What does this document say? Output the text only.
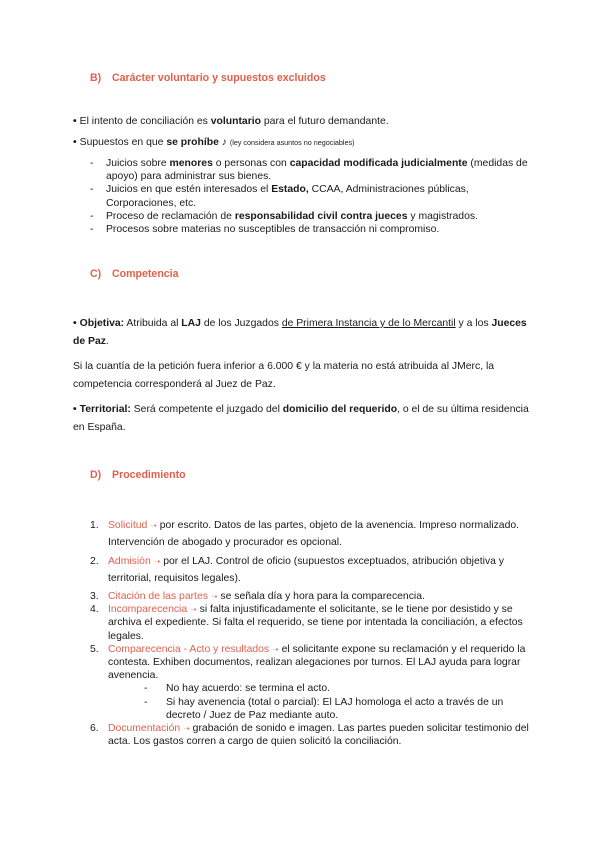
B) Carácter voluntario y supuestos excluidos
• El intento de conciliación es voluntario para el futuro demandante.
• Supuestos en que se prohíbe ♪ (ley considera asuntos no negociables)
-	Juicios sobre menores o personas con capacidad modificada judicialmente (medidas de apoyo) para administrar sus bienes.
-	Juicios en que estén interesados el Estado, CCAA, Administraciones públicas, Corporaciones, etc.
-	Proceso de reclamación de responsabilidad civil contra jueces y magistrados.
-	Procesos sobre materias no susceptibles de transacción ni compromiso.
C) Competencia
• Objetiva: Atribuida al LAJ de los Juzgados de Primera Instancia y de lo Mercantil y a los Jueces de Paz.
Si la cuantía de la petición fuera inferior a 6.000 € y la materia no está atribuida al JMerc, la competencia corresponderá al Juez de Paz.
• Territorial: Será competente el juzgado del domicilio del requerido, o el de su última residencia en España.
D) Procedimiento
1. Solicitud ➝ por escrito. Datos de las partes, objeto de la avenencia. Impreso normalizado. Intervención de abogado y procurador es opcional.
2. Admisión ➝ por el LAJ. Control de oficio (supuestos exceptuados, atribución objetiva y territorial, requisitos legales).
3. Citación de las partes ➝ se señala día y hora para la comparecencia.
4. Incomparecencia ➝ si falta injustificadamente el solicitante, se le tiene por desistido y se archiva el expediente. Si falta el requerido, se tiene por intentada la conciliación, a efectos legales.
5. Comparecencia - Acto y resultados ➝ el solicitante expone su reclamación y el requerido la contesta. Exhiben documentos, realizan alegaciones por turnos. El LAJ ayuda para lograr avenencia.
-	No hay acuerdo: se termina el acto.
-	Si hay avenencia (total o parcial): El LAJ homologa el acto a través de un decreto / Juez de Paz mediante auto.
6. Documentación ➝ grabación de sonido e imagen. Las partes pueden solicitar testimonio del acta. Los gastos corren a cargo de quien solicitó la conciliación.
